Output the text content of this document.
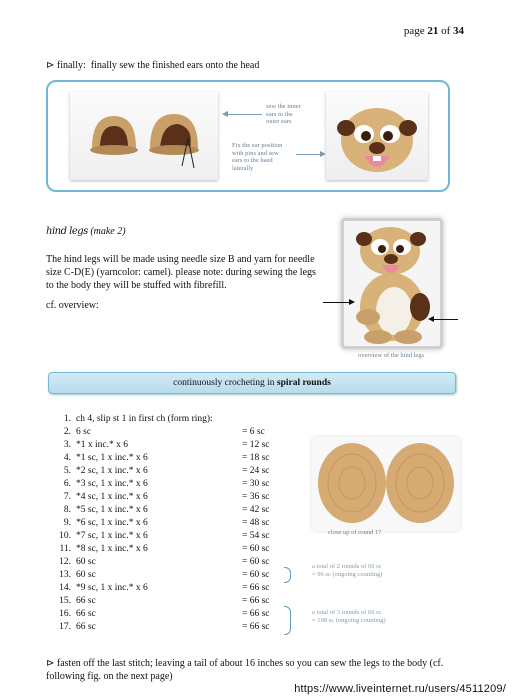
page 21 of 34
⊳ finally: finally sew the finished ears onto the head
sew the inner
ears to the
outer ears
Fix the ear position
with pins and sew
ears to the haed
laterally
hind legs (make 2)
The hind legs will be made using needle size B and yarn for needle size C-D(E) (yarncolor: camel). please note: during sewing the legs to the body they will be stuffed with fibrefill.
cf. overview:
overview of the hind legs
continuously crocheting in spiral rounds
1. ch 4, slip st 1 in first ch (form ring):
2. 6 sc	= 6 sc
3. *1 x inc.* x 6	= 12 sc
4. *1 sc, 1 x inc.* x 6	= 18 sc
5. *2 sc, 1 x inc.* x 6	= 24 sc
6. *3 sc, 1 x inc.* x 6	= 30 sc
7. *4 sc, 1 x inc.* x 6	= 36 sc
8. *5 sc, 1 x inc.* x 6	= 42 sc
9. *6 sc, 1 x inc.* x 6	= 48 sc
10. *7 sc, 1 x inc.* x 6	= 54 sc
11. *8 sc, 1 x inc.* x 6	= 60 sc
12. 60 sc	= 60 sc
13. 60 sc	= 60 sc
14. *9 sc, 1 x inc.* x 6	= 66 sc
15. 66 sc	= 66 sc
16. 66 sc	= 66 sc
17. 66 sc	= 66 sc
close up of round 17
a total of 2 rounds of 60 sc
= 96 sc (ongoing counting)
a total of 3 rounds of 66 sc
= 198 sc (ongoing counting)
⊳ fasten off the last stitch; leaving a tail of about 16 inches so you can sew the legs to the body (cf. following fig. on the next page)
https://www.liveinternet.ru/users/4511209/
